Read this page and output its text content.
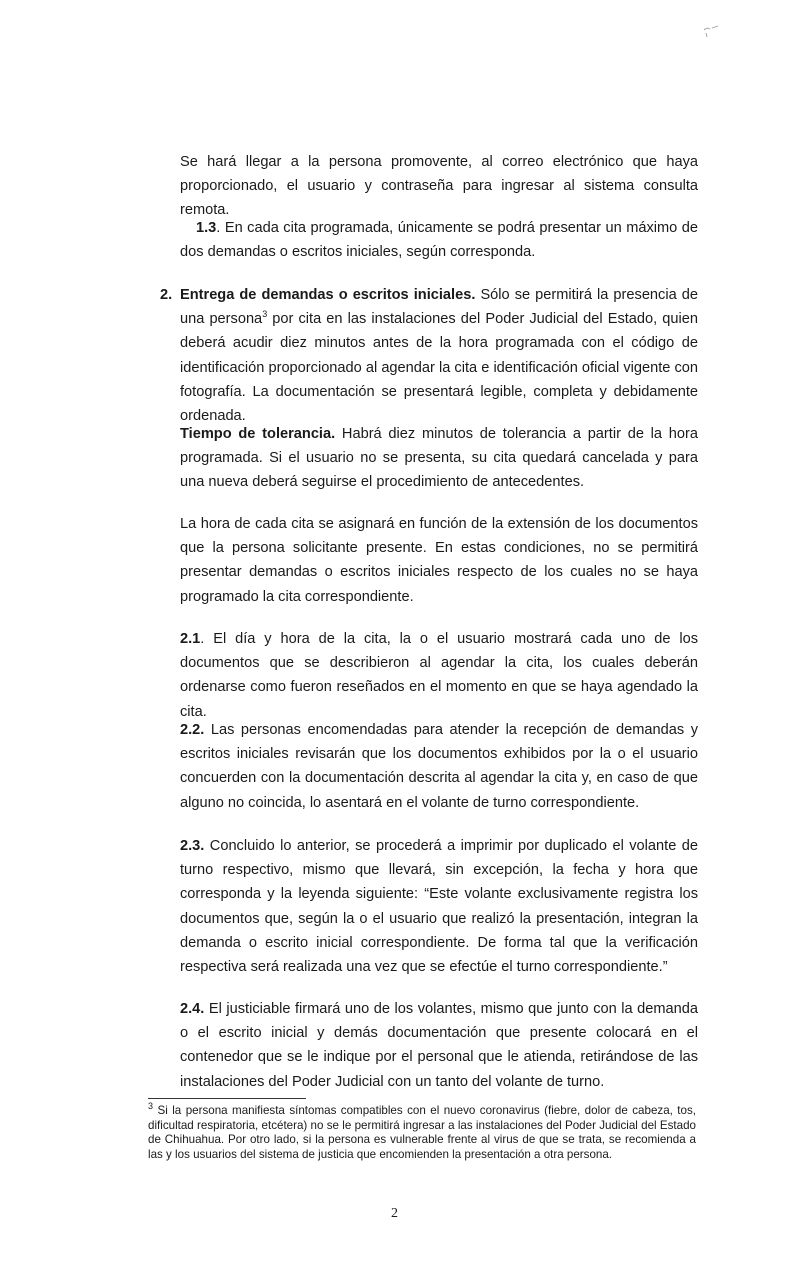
Se hará llegar a la persona promovente, al correo electrónico que haya proporcionado, el usuario y contraseña para ingresar al sistema consulta remota.

1.3. En cada cita programada, únicamente se podrá presentar un máximo de dos demandas o escritos iniciales, según corresponda.

2. Entrega de demandas o escritos iniciales. Sólo se permitirá la presencia de una persona$^3$ por cita en las instalaciones del Poder Judicial del Estado, quien deberá acudir diez minutos antes de la hora programada con el código de identificación proporcionado al agendar la cita e identificación oficial vigente con fotografía. La documentación se presentará legible, completa y debidamente ordenada.

Tiempo de tolerancia. Habrá diez minutos de tolerancia a partir de la hora programada. Si el usuario no se presenta, su cita quedará cancelada y para una nueva deberá seguirse el procedimiento de antecedentes.

La hora de cada cita se asignará en función de la extensión de los documentos que la persona solicitante presente. En estas condiciones, no se permitirá presentar demandas o escritos iniciales respecto de los cuales no se haya programado la cita correspondiente.

2.1. El día y hora de la cita, la o el usuario mostrará cada uno de los documentos que se describieron al agendar la cita, los cuales deberán ordenarse como fueron reseñados en el momento en que se haya agendado la cita.

2.2. Las personas encomendadas para atender la recepción de demandas y escritos iniciales revisarán que los documentos exhibidos por la o el usuario concuerden con la documentación descrita al agendar la cita y, en caso de que alguno no coincida, lo asentará en el volante de turno correspondiente.

2.3. Concluido lo anterior, se procederá a imprimir por duplicado el volante de turno respectivo, mismo que llevará, sin excepción, la fecha y hora que corresponda y la leyenda siguiente: “Este volante exclusivamente registra los documentos que, según la o el usuario que realizó la presentación, integran la demanda o escrito inicial correspondiente. De forma tal que la verificación respectiva será realizada una vez que se efectúe el turno correspondiente.”

2.4. El justiciable firmará uno de los volantes, mismo que junto con la demanda o el escrito inicial y demás documentación que presente colocará en el contenedor que se le indique por el personal que le atienda, retirándose de las instalaciones del Poder Judicial con un tanto del volante de turno.

$^3$ Si la persona manifiesta síntomas compatibles con el nuevo coronavirus (fiebre, dolor de cabeza, tos, dificultad respiratoria, etcétera) no se le permitirá ingresar a las instalaciones del Poder Judicial del Estado de Chihuahua. Por otro lado, si la persona es vulnerable frente al virus de que se trata, se recomienda a las y los usuarios del sistema de justicia que encomienden la presentación a otra persona.

2
